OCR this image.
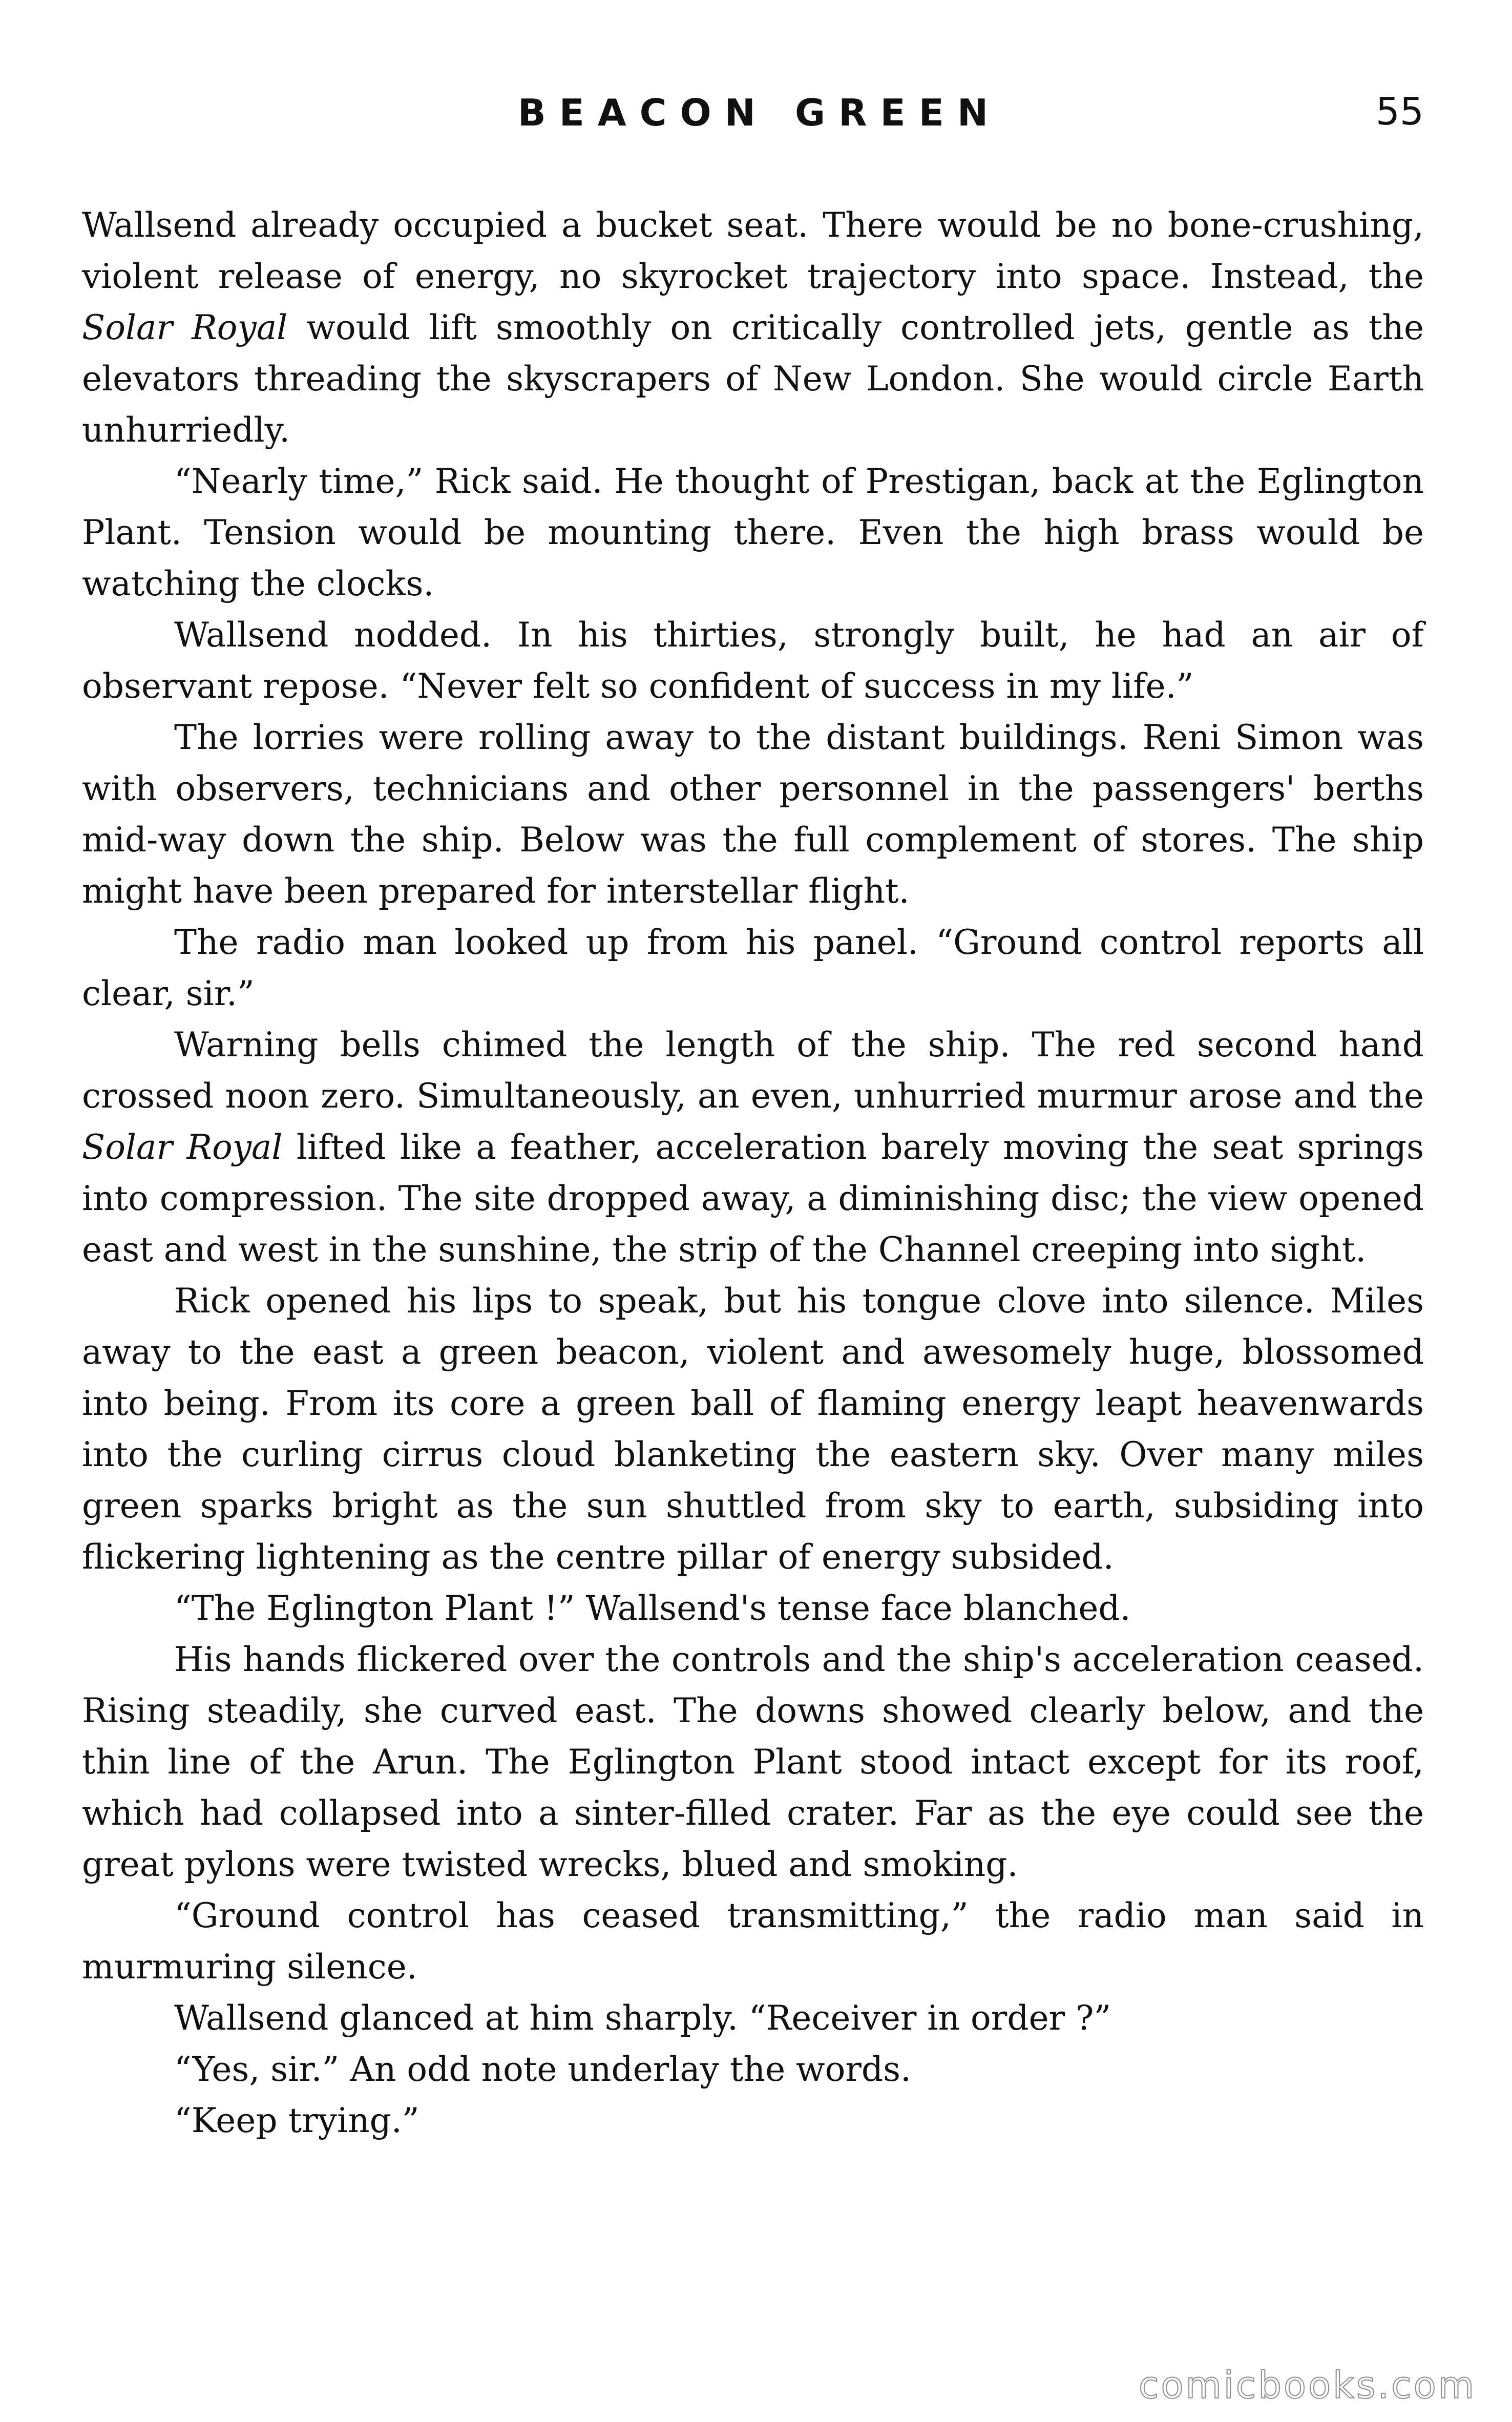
BEACON GREEN	55

Wallsend already occupied a bucket seat. There would be no bone-crushing, violent release of energy, no skyrocket trajectory into space. Instead, the Solar Royal would lift smoothly on critically controlled jets, gentle as the elevators threading the skyscrapers of New London. She would circle Earth unhurriedly.

“Nearly time,” Rick said. He thought of Prestigan, back at the Eglington Plant. Tension would be mounting there. Even the high brass would be watching the clocks.

Wallsend nodded. In his thirties, strongly built, he had an air of observant repose. “Never felt so confident of success in my life.”

The lorries were rolling away to the distant buildings. Reni Simon was with observers, technicians and other personnel in the passengers' berths mid-way down the ship. Below was the full complement of stores. The ship might have been prepared for interstellar flight.

The radio man looked up from his panel. “Ground control reports all clear, sir.”

Warning bells chimed the length of the ship. The red second hand crossed noon zero. Simultaneously, an even, unhurried murmur arose and the Solar Royal lifted like a feather, acceleration barely moving the seat springs into compression. The site dropped away, a diminishing disc; the view opened east and west in the sunshine, the strip of the Channel creeping into sight.

Rick opened his lips to speak, but his tongue clove into silence. Miles away to the east a green beacon, violent and awesomely huge, blossomed into being. From its core a green ball of flaming energy leapt heavenwards into the curling cirrus cloud blanketing the eastern sky. Over many miles green sparks bright as the sun shuttled from sky to earth, subsiding into flickering lightening as the centre pillar of energy subsided.

“The Eglington Plant !” Wallsend's tense face blanched.

His hands flickered over the controls and the ship's acceleration ceased. Rising steadily, she curved east. The downs showed clearly below, and the thin line of the Arun. The Eglington Plant stood intact except for its roof, which had collapsed into a sinter-filled crater. Far as the eye could see the great pylons were twisted wrecks, blued and smoking.

“Ground control has ceased transmitting,” the radio man said in murmuring silence.

Wallsend glanced at him sharply. “Receiver in order ?”

“Yes, sir.” An odd note underlay the words.

“Keep trying.”

comicbooks.com
